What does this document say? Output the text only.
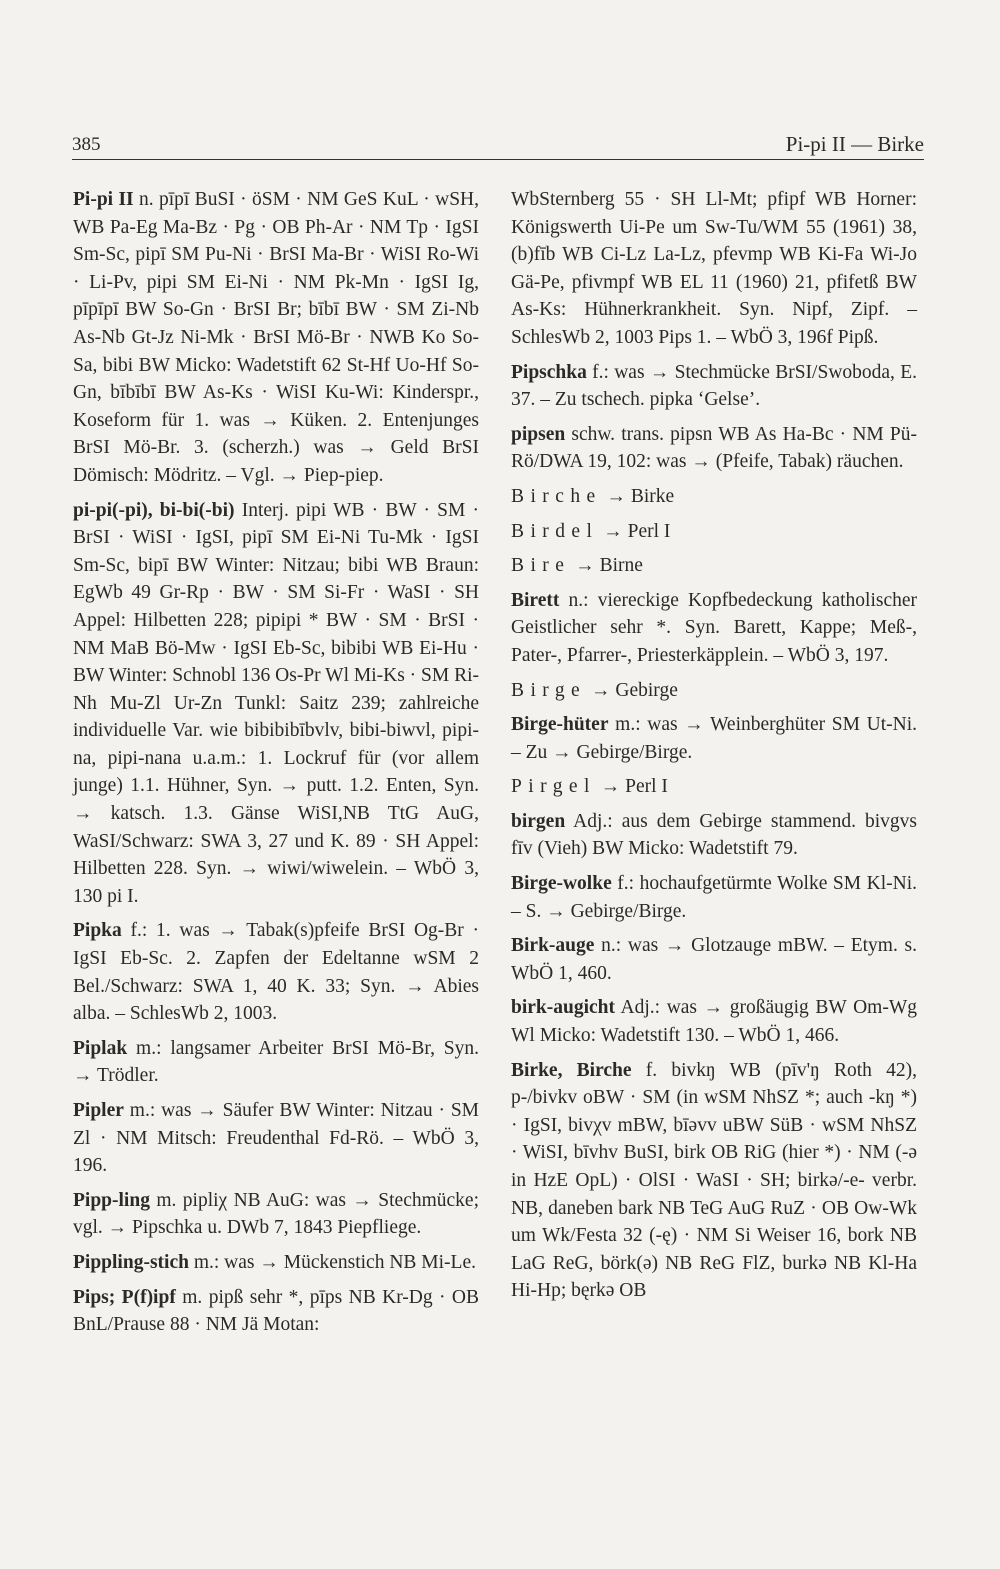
385	Pi-pi II — Birke

Pi-pi II n. pīpī BuSI · öSM · NM GeS KuL · wSH, WB Pa-Eg Ma-Bz · Pg · OB Ph-Ar · NM Tp · IgSI Sm-Sc, pipī SM Pu-Ni · BrSI Ma-Br · WiSI Ro-Wi · Li-Pv, pipi SM Ei-Ni · NM Pk-Mn · IgSI Ig, pīpīpī BW So-Gn · BrSI Br; bībī BW · SM Zi-Nb As-Nb Gt-Jz Ni-Mk · BrSI Mö-Br · NWB Ko So-Sa, bibi BW Micko: Wadetstift 62 St-Hf Uo-Hf So-Gn, bībībī BW As-Ks · WiSI Ku-Wi: Kinderspr., Koseform für 1. was → Küken. 2. Entenjunges BrSI Mö-Br. 3. (scherzh.) was → Geld BrSI Dömisch: Mödritz. – Vgl. → Piep-piep.

pi-pi(-pi), bi-bi(-bi) Interj. pipi WB · BW · SM · BrSI · WiSI · IgSI, pipī SM Ei-Ni Tu-Mk · IgSI Sm-Sc, bipī BW Winter: Nitzau; bibi WB Braun: EgWb 49 Gr-Rp · BW · SM Si-Fr · WaSI · SH Appel: Hilbetten 228; pipipi * BW · SM · BrSI · NM MaB Bö-Mw · IgSI Eb-Sc, bibibi WB Ei-Hu · BW Winter: Schnobl 136 Os-Pr Wl Mi-Ks · SM Ri-Nh Mu-Zl Ur-Zn Tunkl: Saitz 239; zahlreiche individuelle Var. wie bibibibībvlv, bibi-biwvl, pipi-na, pipi-nana u.a.m.: 1. Lockruf für (vor allem junge) 1.1. Hühner, Syn. → putt. 1.2. Enten, Syn. → katsch. 1.3. Gänse WiSI,NB TtG AuG, WaSI/Schwarz: SWA 3, 27 und K. 89 · SH Appel: Hilbetten 228. Syn. → wiwi/wiwelein. – WbÖ 3, 130 pi I.

Pipka f.: 1. was → Tabak(s)pfeife BrSI Og-Br · IgSI Eb-Sc. 2. Zapfen der Edeltanne wSM 2 Bel./Schwarz: SWA 1, 40 K. 33; Syn. → Abies alba. – SchlesWb 2, 1003.

Piplak m.: langsamer Arbeiter BrSI Mö-Br, Syn. → Trödler.

Pipler m.: was → Säufer BW Winter: Nitzau · SM Zl · NM Mitsch: Freudenthal Fd-Rö. – WbÖ 3, 196.

Pipp-ling m. pipliχ NB AuG: was → Stechmücke; vgl. → Pipschka u. DWb 7, 1843 Piepfliege.

Pippling-stich m.: was → Mückenstich NB Mi-Le.

Pips; P(f)ipf m. pipß sehr *, pīps NB Kr-Dg · OB BnL/Prause 88 · NM Jä Motan:

WbSternberg 55 · SH Ll-Mt; pfipf WB Horner: Königswerth Ui-Pe um Sw-Tu/WM 55 (1961) 38, (b)fīb WB Ci-Lz La-Lz, pfevmp WB Ki-Fa Wi-Jo Gä-Pe, pfivmpf WB EL 11 (1960) 21, pfifetß BW As-Ks: Hühnerkrankheit. Syn. Nipf, Zipf. – SchlesWb 2, 1003 Pips 1. – WbÖ 3, 196f Pipß.

Pipschka f.: was → Stechmücke BrSI/Swoboda, E. 37. – Zu tschech. pipka ‘Gelse’.

pipsen schw. trans. pipsn WB As Ha-Bc · NM Pü-Rö/DWA 19, 102: was → (Pfeife, Tabak) räuchen.

Birche → Birke

Birdel → Perl I

Bire → Birne

Birett n.: viereckige Kopfbedeckung katholischer Geistlicher sehr *. Syn. Barett, Kappe; Meß-, Pater-, Pfarrer-, Priesterkäpplein. – WbÖ 3, 197.

Birge → Gebirge

Birge-hüter m.: was → Weinberghüter SM Ut-Ni. – Zu → Gebirge/Birge.

Pirgel → Perl I

birgen Adj.: aus dem Gebirge stammend. bivgvs fīv (Vieh) BW Micko: Wadetstift 79.

Birge-wolke f.: hochaufgetürmte Wolke SM Kl-Ni. – S. → Gebirge/Birge.

Birk-auge n.: was → Glotzauge mBW. – Etym. s. WbÖ 1, 460.

birk-augicht Adj.: was → großäugig BW Om-Wg Wl Micko: Wadetstift 130. – WbÖ 1, 466.

Birke, Birche f. bivkŋ WB (pīv'ŋ Roth 42), p-/bivkv oBW · SM (in wSM NhSZ *; auch -kŋ *) · IgSI, bivχv mBW, bīəvv uBW SüB · wSM NhSZ · WiSI, bīvhv BuSI, birk OB RiG (hier *) · NM (-ə in HzE OpL) · OlSI · WaSI · SH; birkə/-e- verbr. NB, daneben bark NB TeG AuG RuZ · OB Ow-Wk um Wk/Festa 32 (-ę) · NM Si Weiser 16, bork NB LaG ReG, börk(ə) NB ReG FlZ, burkə NB Kl-Ha Hi-Hp; bęrkə OB
